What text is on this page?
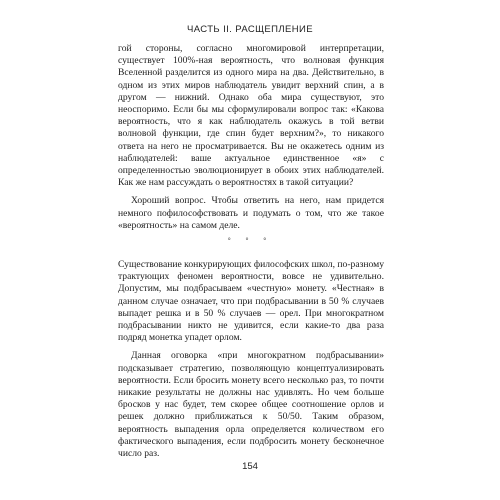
ЧАСТЬ II. РАСЩЕПЛЕНИЕ

гой стороны, согласно многомировой интерпретации, существует 100%-ная вероятность, что волновая функция Вселенной разделится из одного мира на два. Действительно, в одном из этих миров наблюдатель увидит верхний спин, а в другом — нижний. Однако оба мира существуют, это неоспоримо. Если бы мы сформулировали вопрос так: «Какова вероятность, что я как наблюдатель окажусь в той ветви волновой функции, где спин будет верхним?», то никакого ответа на него не просматривается. Вы не окажетесь одним из наблюдателей: ваше актуальное единственное «я» с определенностью эволюционирует в обоих этих наблюдателей. Как же нам рассуждать о вероятностях в такой ситуации?

Хороший вопрос. Чтобы ответить на него, нам придется немного пофилософствовать и подумать о том, что же такое «вероятность» на самом деле.

° ° °

Существование конкурирующих философских школ, по-разному трактующих феномен вероятности, вовсе не удивительно. Допустим, мы подбрасываем «честную» монету. «Честная» в данном случае означает, что при подбрасывании в 50 % случаев выпадет решка и в 50 % случаев — орел. При многократном подбрасывании никто не удивится, если какие-то два раза подряд монетка упадет орлом.

Данная оговорка «при многократном подбрасывании» подсказывает стратегию, позволяющую концептуализировать вероятности. Если бросить монету всего несколько раз, то почти никакие результаты не должны нас удивлять. Но чем больше бросков у нас будет, тем скорее общее соотношение орлов и решек должно приближаться к 50/50. Таким образом, вероятность выпадения орла определяется количеством его фактического выпадения, если подбросить монету бесконечное число раз.

154
